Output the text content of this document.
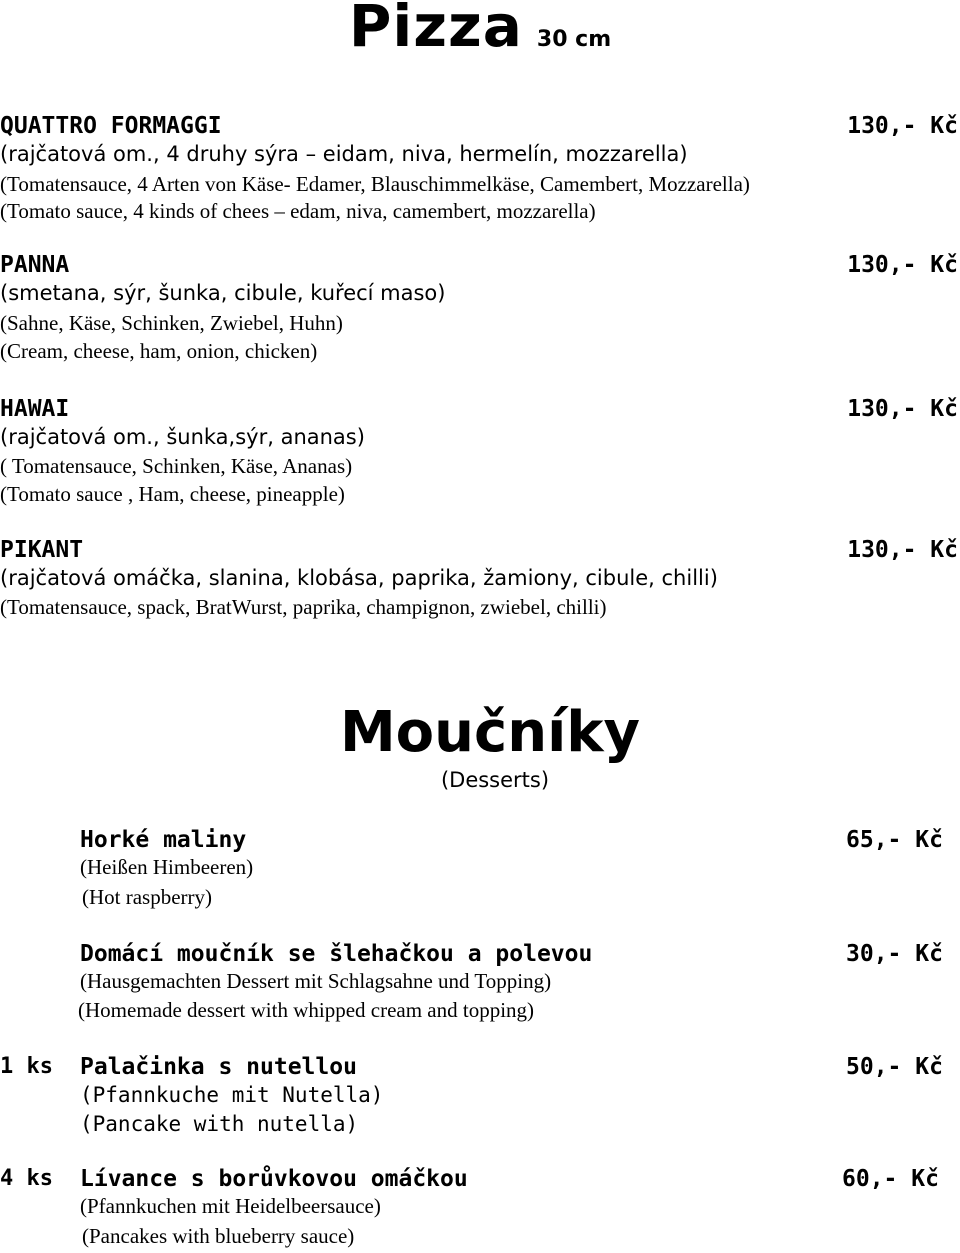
Pizza 30 cm
QUATTRO FORMAGGI	130,- Kč
(rajčatová om., 4 druhy sýra – eidam, niva, hermelín, mozzarella)
(Tomatensauce, 4 Arten von Käse- Edamer, Blauschimmelkäse, Camembert, Mozzarella)
(Tomato sauce, 4 kinds of chees – edam, niva, camembert, mozzarella)
PANNA	130,- Kč
(smetana, sýr, šunka, cibule, kuřecí maso)
(Sahne, Käse, Schinken, Zwiebel, Huhn)
(Cream, cheese, ham, onion, chicken)
HAWAI	130,- Kč
(rajčatová om., šunka,sýr, ananas)
( Tomatensauce, Schinken, Käse, Ananas)
(Tomato sauce , Ham, cheese, pineapple)
PIKANT	130,- Kč
(rajčatová omáčka, slanina, klobása, paprika, žamiony, cibule, chilli)
(Tomatensauce, spack, BratWurst, paprika, champignon, zwiebel, chilli)
Moučníky
(Desserts)
Horké maliny	65,- Kč
(Heißen Himbeeren)
(Hot raspberry)
Domácí moučník se šlehačkou a polevou	30,- Kč
(Hausgemachten Dessert mit Schlagsahne und Topping)
(Homemade dessert with whipped cream and topping)
1 ks Palačinka s nutellou	50,- Kč
(Pfannkuche mit Nutella)
(Pancake with nutella)
4 ks Lívance s borůvkovou omáčkou	60,- Kč
(Pfannkuchen mit Heidelbeersauce)
(Pancakes with blueberry sauce)
